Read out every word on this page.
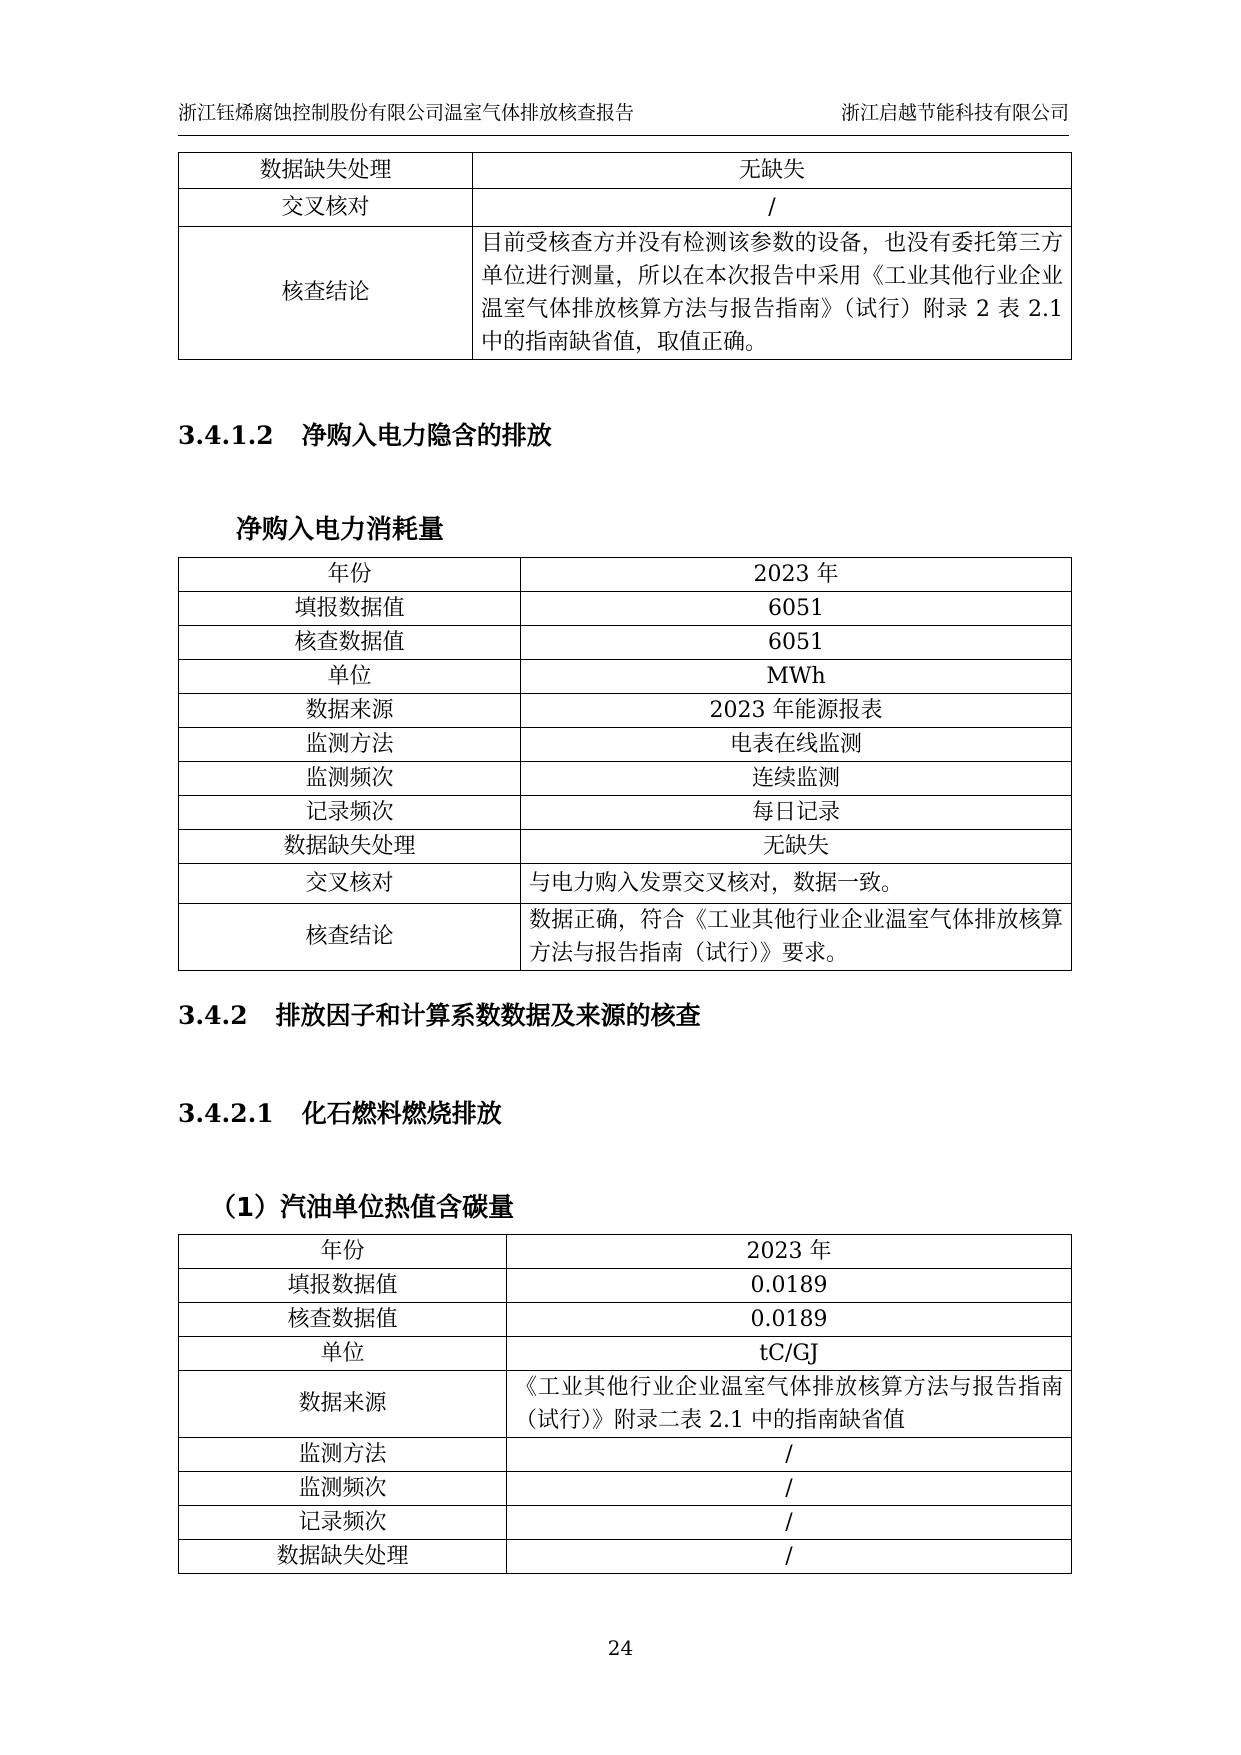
浙江钰烯腐蚀控制股份有限公司温室气体排放核查报告	浙江启越节能科技有限公司
数据缺失处理	无缺失
交叉核对	/
核查结论	目前受核查方并没有检测该参数的设备，也没有委托第三方单位进行测量，所以在本次报告中采用《工业其他行业企业温室气体排放核算方法与报告指南》（试行）附录 2 表 2.1 中的指南缺省值，取值正确。
3.4.1.2 净购入电力隐含的排放
净购入电力消耗量
年份	2023 年
填报数据值	6051
核查数据值	6051
单位	MWh
数据来源	2023 年能源报表
监测方法	电表在线监测
监测频次	连续监测
记录频次	每日记录
数据缺失处理	无缺失
交叉核对	与电力购入发票交叉核对，数据一致。
核查结论	数据正确，符合《工业其他行业企业温室气体排放核算方法与报告指南（试行）》要求。
3.4.2 排放因子和计算系数数据及来源的核查
3.4.2.1 化石燃料燃烧排放
（1）汽油单位热值含碳量
年份	2023 年
填报数据值	0.0189
核查数据值	0.0189
单位	tC/GJ
数据来源	《工业其他行业企业温室气体排放核算方法与报告指南（试行）》附录二表 2.1 中的指南缺省值
监测方法	/
监测频次	/
记录频次	/
数据缺失处理	/
24
